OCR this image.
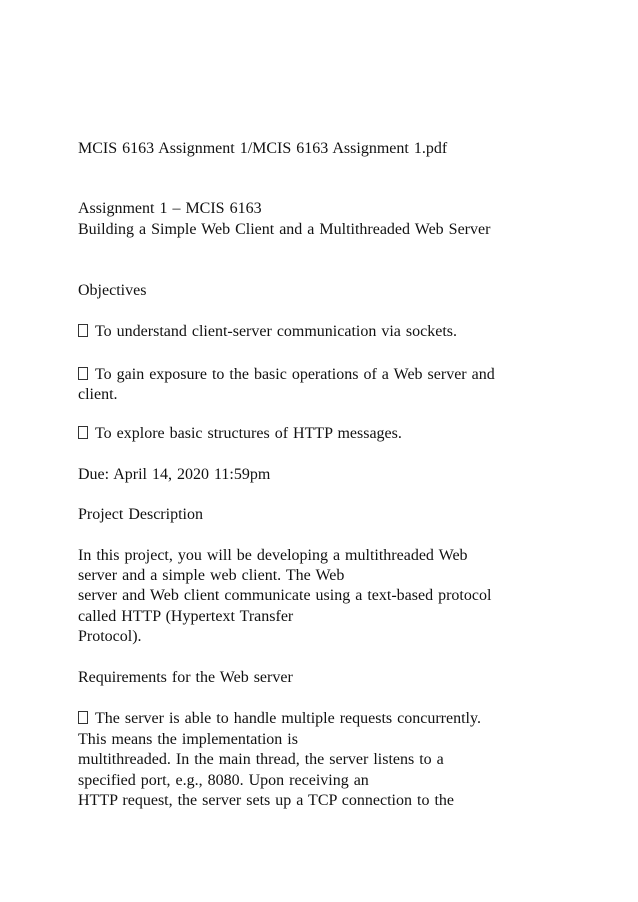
MCIS 6163 Assignment 1/MCIS 6163 Assignment 1.pdf
Assignment 1 – MCIS 6163
Building a Simple Web Client and a Multithreaded Web Server
Objectives
To understand client-server communication via sockets.
To gain exposure to the basic operations of a Web server and
client.
To explore basic structures of HTTP messages.
Due: April 14, 2020 11:59pm
Project Description
In this project, you will be developing a multithreaded Web
server and a simple web client. The Web
server and Web client communicate using a text-based protocol
called HTTP (Hypertext Transfer
Protocol).
Requirements for the Web server
The server is able to handle multiple requests concurrently.
This means the implementation is
multithreaded. In the main thread, the server listens to a
specified port, e.g., 8080. Upon receiving an
HTTP request, the server sets up a TCP connection to the
